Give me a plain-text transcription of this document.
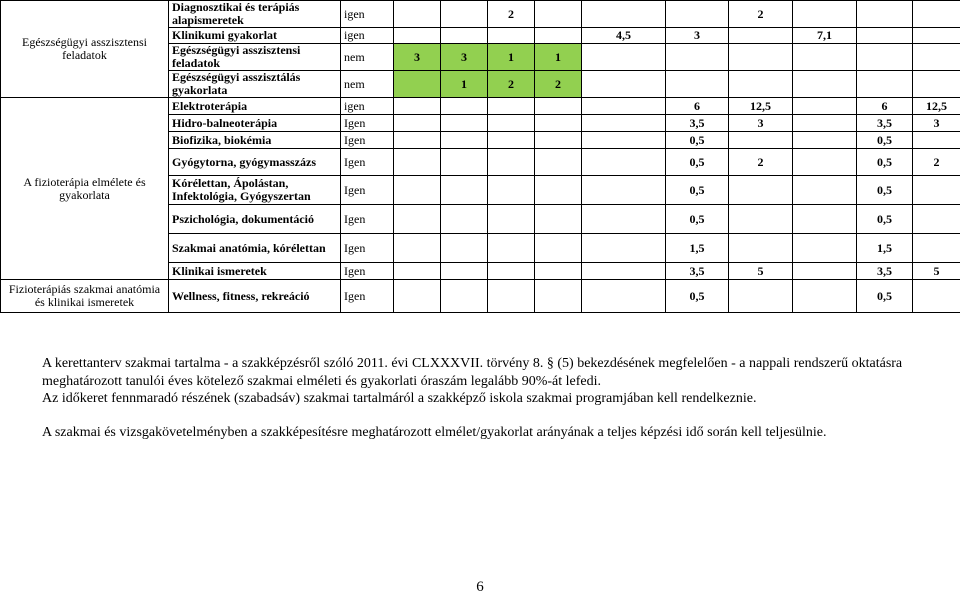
Egészségügyi asszisztensi feladatok	Diagnosztikai és terápiás alapismeretek	igen			2				2			
	Klinikumi gyakorlat	igen					4,5	3		7,1		
	Egészségügyi asszisztensi feladatok	nem	3	3	1	1						
	Egészségügyi asszisztálás gyakorlata	nem		1	2	2						
A fizioterápia elmélete és gyakorlata	Elektroterápia	igen						6	12,5		6	12,5
	Hidro-balneoterápia	Igen						3,5	3		3,5	3
	Biofizika, biokémia	Igen						0,5			0,5	
	Gyógytorna, gyógymasszázs	Igen						0,5	2		0,5	2
	Kórélettan, Ápolástan, Infektológia, Gyógyszertan	Igen						0,5			0,5	
	Pszichológia, dokumentáció	Igen						0,5			0,5	
	Szakmai anatómia, kórélettan	Igen						1,5			1,5	
	Klinikai ismeretek	Igen						3,5	5		3,5	5
Fizioterápiás szakmai anatómia és klinikai ismeretek	Wellness, fitness, rekreáció	Igen						0,5			0,5	

A kerettanterv szakmai tartalma - a szakképzésről szóló 2011. évi CLXXXVII. törvény 8. § (5) bekezdésének megfelelően - a nappali rendszerű oktatásra meghatározott tanulói éves kötelező szakmai elméleti és gyakorlati óraszám legalább 90%-át lefedi.

Az időkeret fennmaradó részének (szabadsáv) szakmai tartalmáról a szakképző iskola szakmai programjában kell rendelkeznie.

A szakmai és vizsgakövetelményben a szakképesítésre meghatározott elmélet/gyakorlat arányának a teljes képzési idő során kell teljesülnie.

6
